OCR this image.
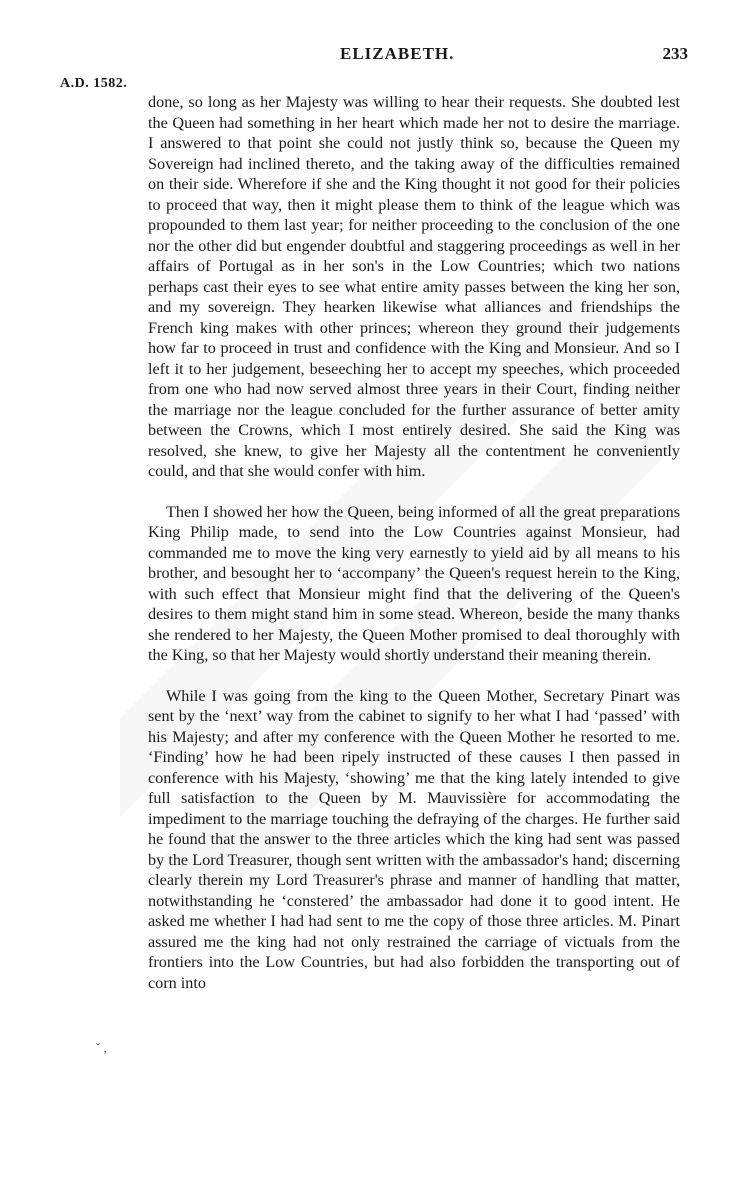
ELIZABETH.	233
A.D. 1582.
ˇ ,

done, so long as her Majesty was willing to hear their requests. She doubted lest the Queen had something in her heart which made her not to desire the marriage. I answered to that point she could not justly think so, because the Queen my Sovereign had inclined thereto, and the taking away of the difficulties remained on their side. Wherefore if she and the King thought it not good for their policies to proceed that way, then it might please them to think of the league which was propounded to them last year; for neither proceeding to the conclusion of the one nor the other did but engender doubtful and staggering proceedings as well in her affairs of Portugal as in her son's in the Low Countries; which two nations perhaps cast their eyes to see what entire amity passes between the king her son, and my sovereign. They hearken likewise what alliances and friendships the French king makes with other princes; whereon they ground their judgements how far to proceed in trust and confidence with the King and Monsieur. And so I left it to her judgement, beseeching her to accept my speeches, which proceeded from one who had now served almost three years in their Court, finding neither the marriage nor the league concluded for the further assurance of better amity between the Crowns, which I most entirely desired. She said the King was resolved, she knew, to give her Majesty all the contentment he conveniently could, and that she would confer with him.

Then I showed her how the Queen, being informed of all the great preparations King Philip made, to send into the Low Countries against Monsieur, had commanded me to move the king very earnestly to yield aid by all means to his brother, and besought her to ‘accompany’ the Queen's request herein to the King, with such effect that Monsieur might find that the delivering of the Queen's desires to them might stand him in some stead. Whereon, beside the many thanks she rendered to her Majesty, the Queen Mother promised to deal thoroughly with the King, so that her Majesty would shortly understand their meaning therein.

While I was going from the king to the Queen Mother, Secretary Pinart was sent by the ‘next’ way from the cabinet to signify to her what I had ‘passed’ with his Majesty; and after my conference with the Queen Mother he resorted to me. ‘Finding’ how he had been ripely instructed of these causes I then passed in conference with his Majesty, ‘showing’ me that the king lately intended to give full satisfaction to the Queen by M. Mauvissière for accommodating the impediment to the marriage touching the defraying of the charges. He further said he found that the answer to the three articles which the king had sent was passed by the Lord Treasurer, though sent written with the ambassador's hand; discerning clearly therein my Lord Treasurer's phrase and manner of handling that matter, notwithstanding he ‘constered’ the ambassador had done it to good intent. He asked me whether I had had sent to me the copy of those three articles. M. Pinart assured me the king had not only restrained the carriage of victuals from the frontiers into the Low Countries, but had also forbidden the transporting out of corn into
